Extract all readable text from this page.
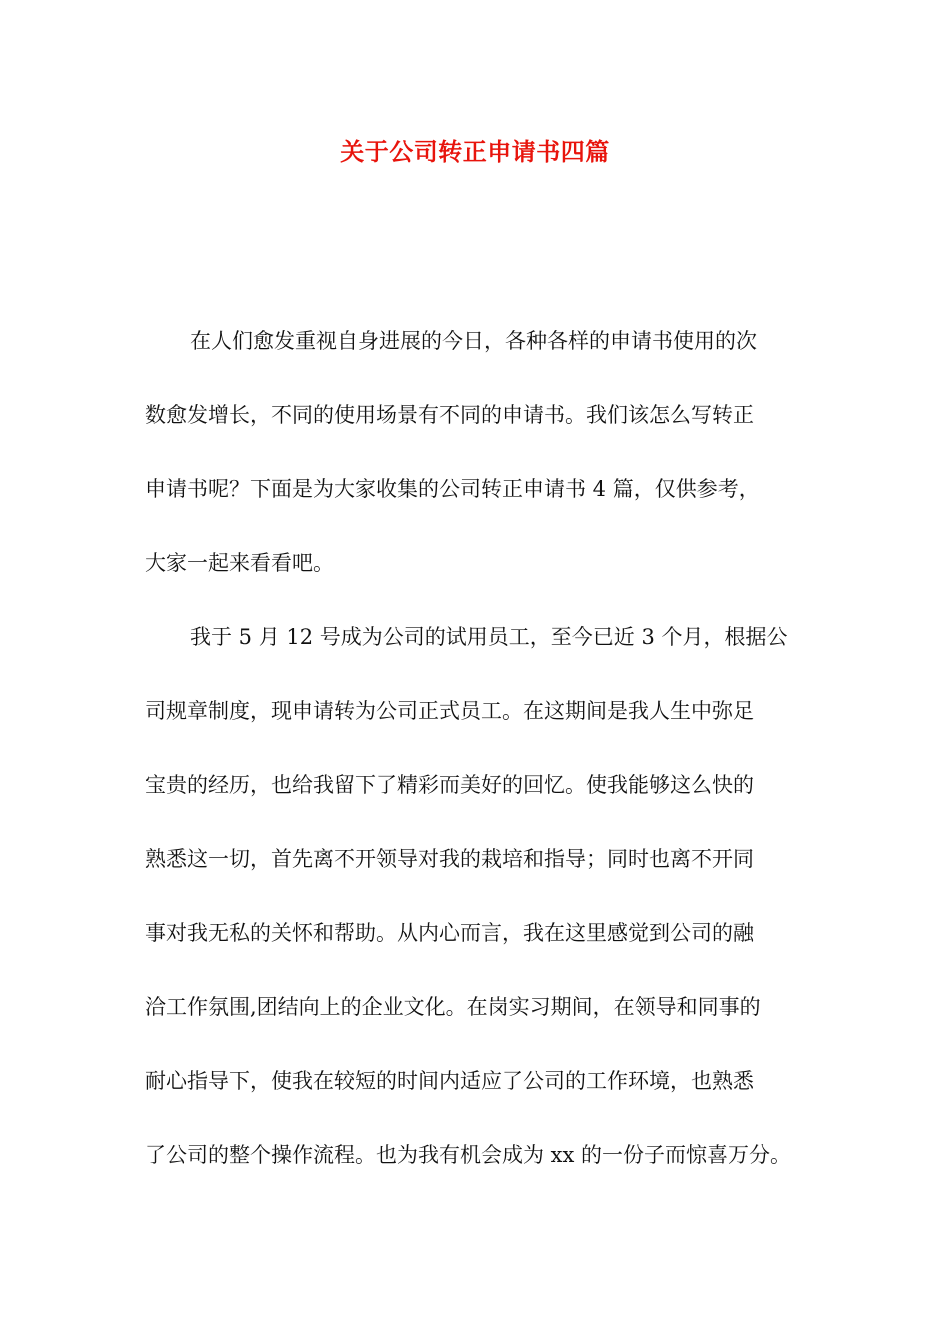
关于公司转正申请书四篇
在人们愈发重视自身进展的今日，各种各样的申请书使用的次
数愈发增长，不同的使用场景有不同的申请书。我们该怎么写转正
申请书呢？下面是为大家收集的公司转正申请书 4 篇，仅供参考，
大家一起来看看吧。
我于 5 月 12 号成为公司的试用员工，至今已近 3 个月，根据公
司规章制度，现申请转为公司正式员工。在这期间是我人生中弥足
宝贵的经历，也给我留下了精彩而美好的回忆。使我能够这么快的
熟悉这一切，首先离不开领导对我的栽培和指导；同时也离不开同
事对我无私的关怀和帮助。从内心而言，我在这里感觉到公司的融
洽工作氛围,团结向上的企业文化。在岗实习期间，在领导和同事的
耐心指导下，使我在较短的时间内适应了公司的工作环境，也熟悉
了公司的整个操作流程。也为我有机会成为 xx 的一份子而惊喜万分。
